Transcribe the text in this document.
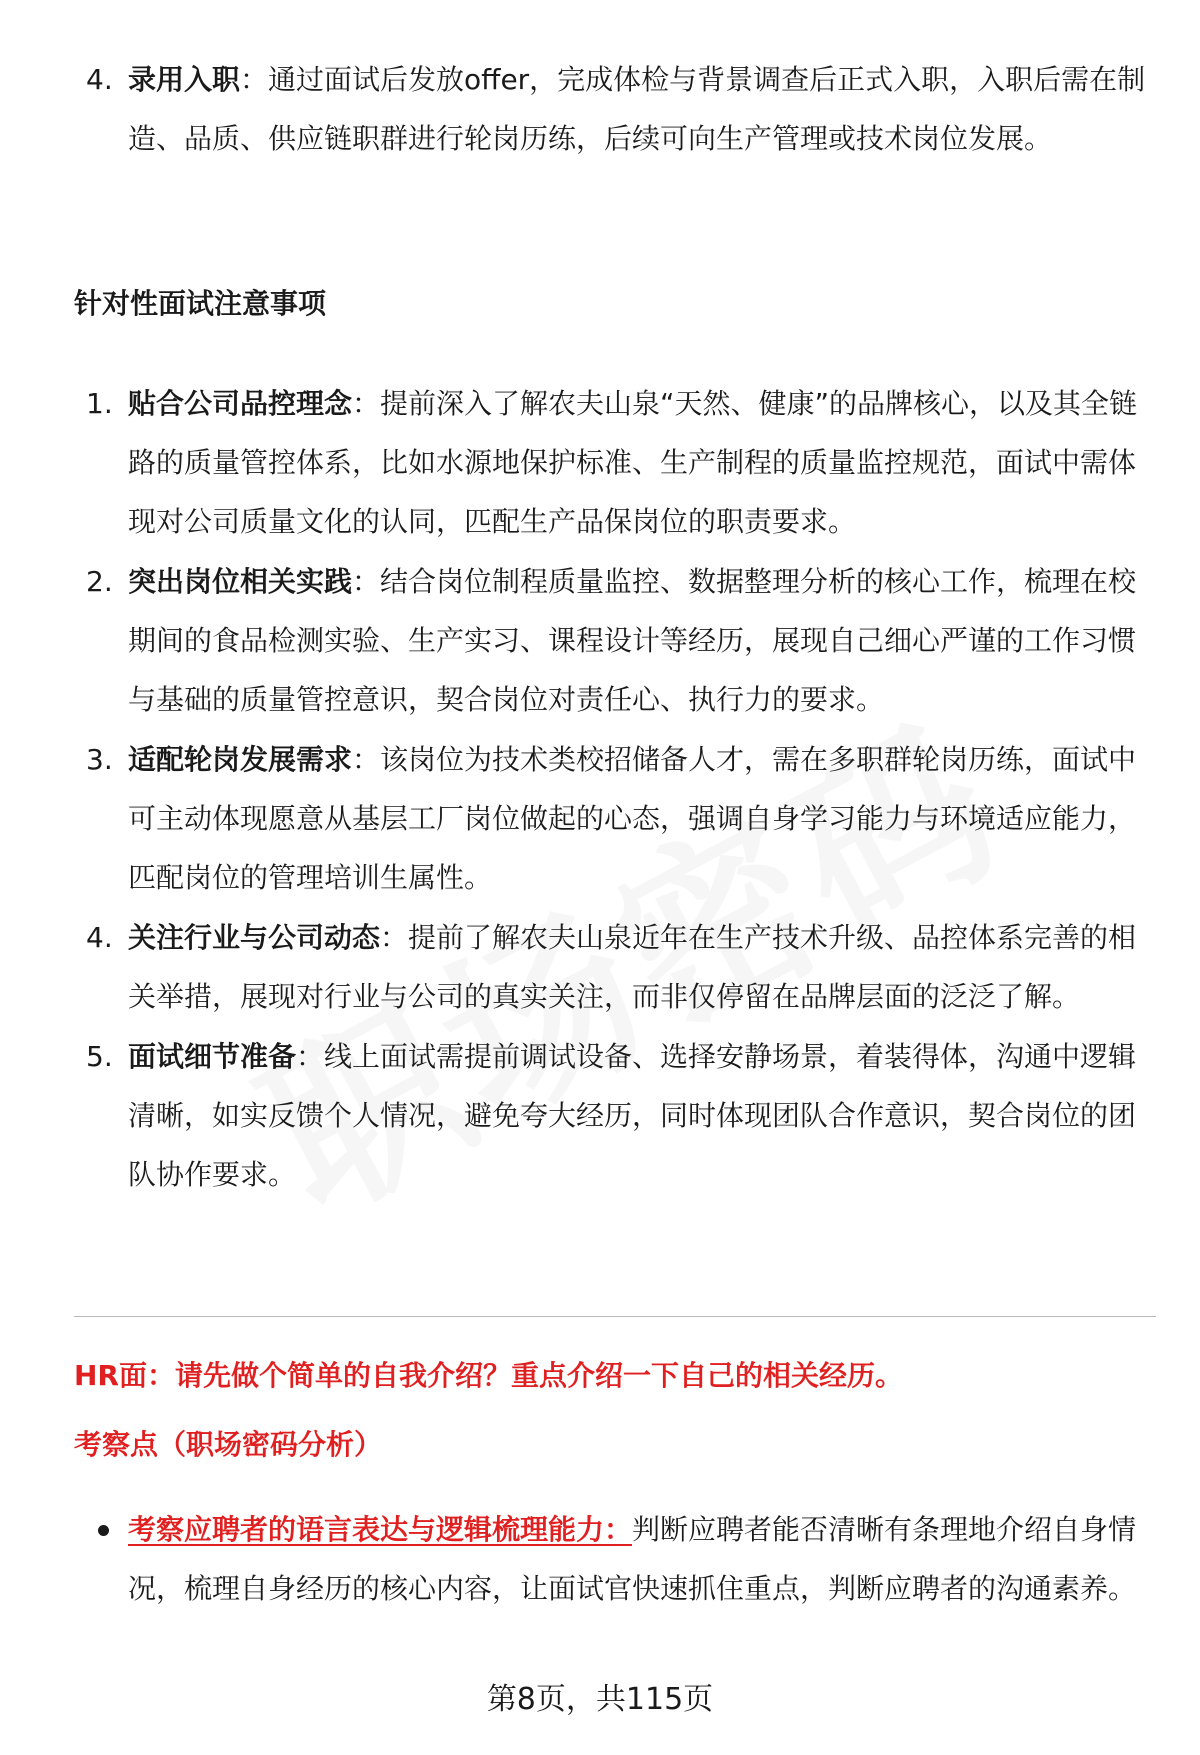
4. 录用入职：通过面试后发放offer，完成体检与背景调查后正式入职，入职后需在制造、品质、供应链职群进行轮岗历练，后续可向生产管理或技术岗位发展。
针对性面试注意事项
1. 贴合公司品控理念：提前深入了解农夫山泉“天然、健康”的品牌核心，以及其全链路的质量管控体系，比如水源地保护标准、生产制程的质量监控规范，面试中需体现对公司质量文化的认同，匹配生产品保岗位的职责要求。
2. 突出岗位相关实践：结合岗位制程质量监控、数据整理分析的核心工作，梳理在校期间的食品检测实验、生产实习、课程设计等经历，展现自己细心严谨的工作习惯与基础的质量管控意识，契合岗位对责任心、执行力的要求。
3. 适配轮岗发展需求：该岗位为技术类校招储备人才，需在多职群轮岗历练，面试中可主动体现愿意从基层工厂岗位做起的心态，强调自身学习能力与环境适应能力，匹配岗位的管理培训生属性。
4. 关注行业与公司动态：提前了解农夫山泉近年在生产技术升级、品控体系完善的相关举措，展现对行业与公司的真实关注，而非仅停留在品牌层面的泛泛了解。
5. 面试细节准备：线上面试需提前调试设备、选择安静场景，着装得体，沟通中逻辑清晰，如实反馈个人情况，避免夸大经历，同时体现团队合作意识，契合岗位的团队协作要求。
HR面：请先做个简单的自我介绍？重点介绍一下自己的相关经历。
考察点（职场密码分析）
考察应聘者的语言表达与逻辑梳理能力：判断应聘者能否清晰有条理地介绍自身情况，梳理自身经历的核心内容，让面试官快速抓住重点，判断应聘者的沟通素养。
第8页，共115页
